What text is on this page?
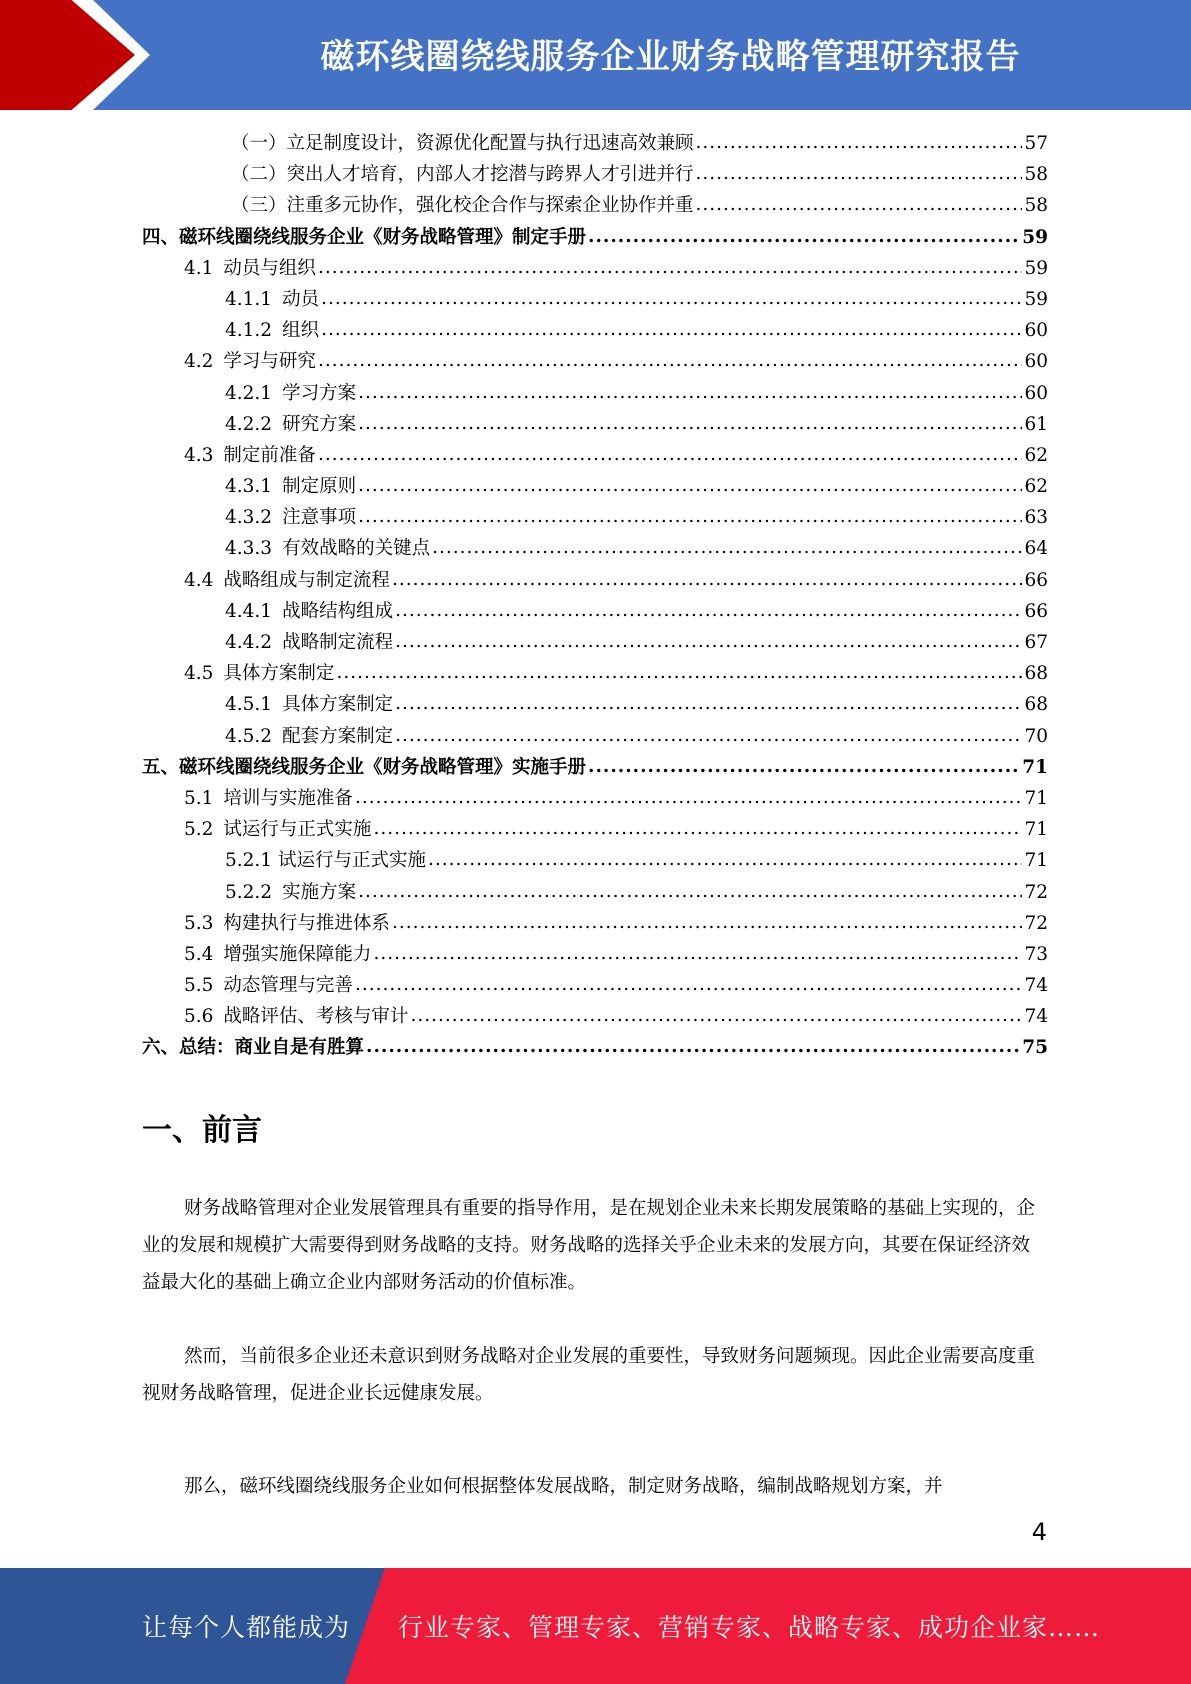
磁环线圈绕线服务企业财务战略管理研究报告
（一）立足制度设计，资源优化配置与执行迅速高效兼顾 .....	57
（二）突出人才培育，内部人才挖潜与跨界人才引进并行 .....	58
（三）注重多元协作，强化校企合作与探索企业协作并重 .....	58
四、磁环线圈绕线服务企业《财务战略管理》制定手册 .....	59
4.1 动员与组织 .....	59
4.1.1 动员 .....	59
4.1.2 组织 .....	60
4.2 学习与研究 .....	60
4.2.1 学习方案 .....	60
4.2.2 研究方案 .....	61
4.3 制定前准备 .....	62
4.3.1 制定原则 .....	62
4.3.2 注意事项 .....	63
4.3.3 有效战略的关键点 .....	64
4.4 战略组成与制定流程 .....	66
4.4.1 战略结构组成 .....	66
4.4.2 战略制定流程 .....	67
4.5 具体方案制定 .....	68
4.5.1 具体方案制定 .....	68
4.5.2 配套方案制定 .....	70
五、磁环线圈绕线服务企业《财务战略管理》实施手册 .....	71
5.1 培训与实施准备 .....	71
5.2 试运行与正式实施 .....	71
5.2.1 试运行与正式实施 .....	71
5.2.2 实施方案 .....	72
5.3 构建执行与推进体系 .....	72
5.4 增强实施保障能力 .....	73
5.5 动态管理与完善 .....	74
5.6 战略评估、考核与审计 .....	74
六、总结：商业自是有胜算 .....	75
一、前言

财务战略管理对企业发展管理具有重要的指导作用，是在规划企业未来长期发展策略的基础上实现的，企业的发展和规模扩大需要得到财务战略的支持。财务战略的选择关乎企业未来的发展方向，其要在保证经济效益最大化的基础上确立企业内部财务活动的价值标准。

然而，当前很多企业还未意识到财务战略对企业发展的重要性，导致财务问题频现。因此企业需要高度重视财务战略管理，促进企业长远健康发展。

那么，磁环线圈绕线服务企业如何根据整体发展战略，制定财务战略，编制战略规划方案，并

4
让每个人都能成为 行业专家、管理专家、营销专家、战略专家、成功企业家……
